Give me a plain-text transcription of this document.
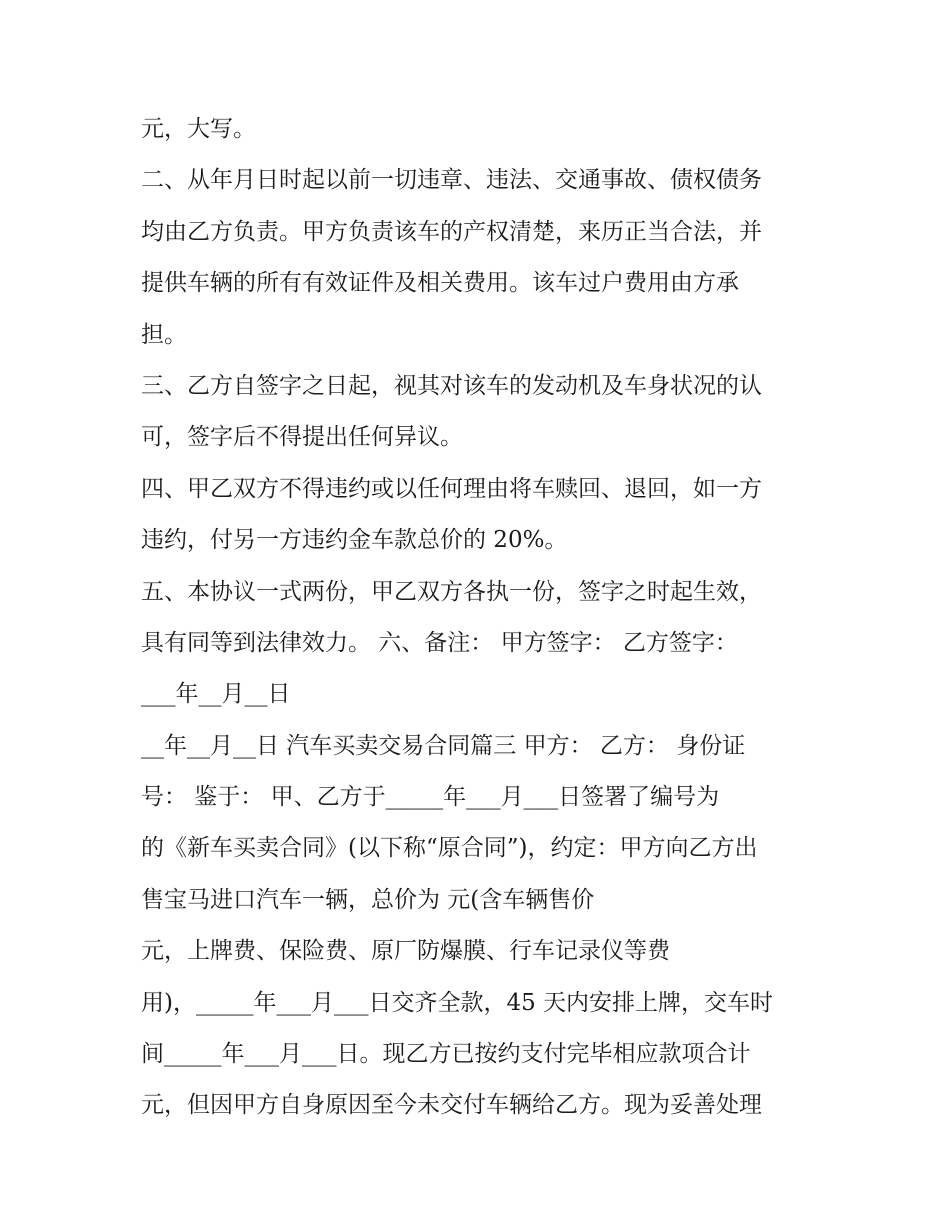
元，大写。
二、从年月日时起以前一切违章、违法、交通事故、债权债务
均由乙方负责。甲方负责该车的产权清楚，来历正当合法，并
提供车辆的所有有效证件及相关费用。该车过户费用由方承
担。
三、乙方自签字之日起，视其对该车的发动机及车身状况的认
可，签字后不得提出任何异议。
四、甲乙双方不得违约或以任何理由将车赎回、退回，如一方
违约，付另一方违约金车款总价的 20%。
五、本协议一式两份，甲乙双方各执一份，签字之时起生效，
具有同等到法律效力。 六、备注： 甲方签字： 乙方签字：
___年__月__日
__年__月__日 汽车买卖交易合同篇三 甲方： 乙方： 身份证
号： 鉴于： 甲、乙方于_____年___月___日签署了编号为
的《新车买卖合同》(以下称“原合同”)，约定：甲方向乙方出
售宝马进口汽车一辆，总价为 元(含车辆售价
元，上牌费、保险费、原厂防爆膜、行车记录仪等费
用)，_____年___月___日交齐全款，45 天内安排上牌，交车时
间_____年___月___日。现乙方已按约支付完毕相应款项合计
元，但因甲方自身原因至今未交付车辆给乙方。现为妥善处理
